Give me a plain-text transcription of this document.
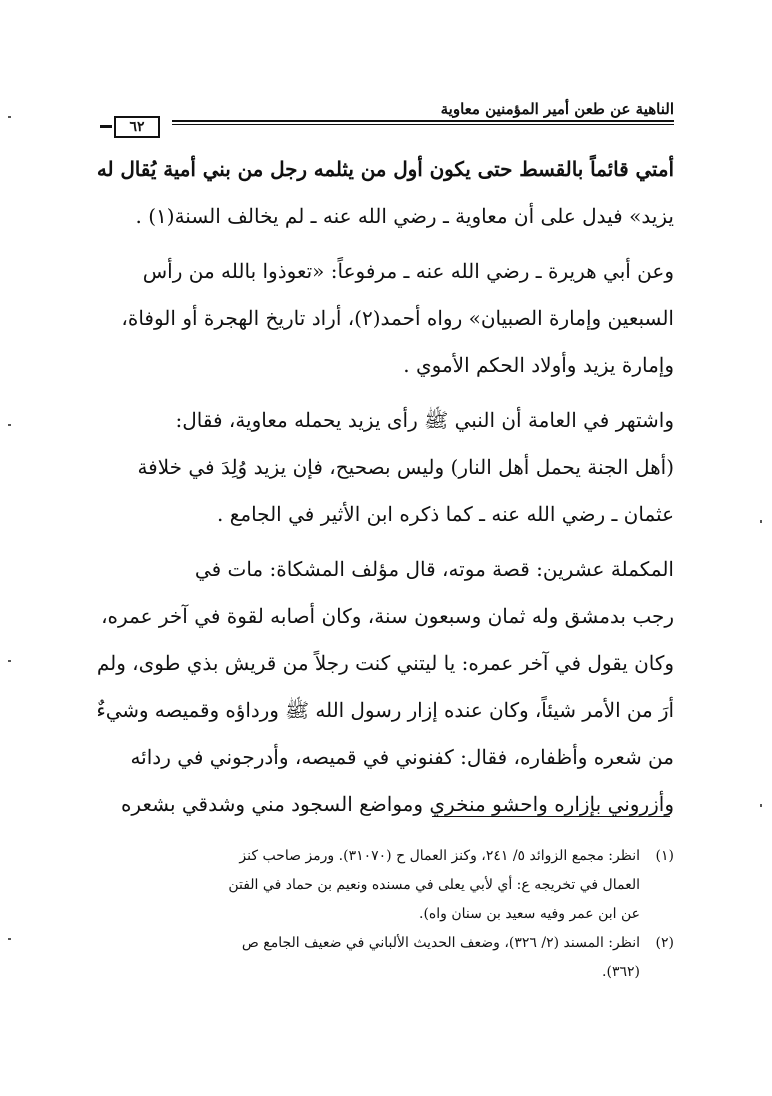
الناهية عن طعن أمير المؤمنين معاوية
٦٢
أمتي قائماً بالقسط حتى يكون أول من يثلمه رجل من بني أمية يُقال له
يزيد» فيدل على أن معاوية ـ رضي الله عنه ـ لم يخالف السنة(١) .
وعن أبي هريرة ـ رضي الله عنه ـ مرفوعاً: «تعوذوا بالله من رأس
السبعين وإمارة الصبيان» رواه أحمد(٢)، أراد تاريخ الهجرة أو الوفاة،
وإمارة يزيد وأولاد الحكم الأموي .
واشتهر في العامة أن النبي ﷺ رأى يزيد يحمله معاوية، فقال:
(أهل الجنة يحمل أهل النار) وليس بصحيح، فإن يزيد وُلِدَ في خلافة
عثمان ـ رضي الله عنه ـ كما ذكره ابن الأثير في الجامع .
المكملة عشرين: قصة موته، قال مؤلف المشكاة: مات في
رجب بدمشق وله ثمان وسبعون سنة، وكان أصابه لقوة في آخر عمره،
وكان يقول في آخر عمره: يا ليتني كنت رجلاً من قريش بذي طوى، ولم
أرَ من الأمر شيئاً، وكان عنده إزار رسول الله ﷺ ورداؤه وقميصه وشيءٌ
من شعره وأظفاره، فقال: كفنوني في قميصه، وأدرجوني في ردائه
وأزروني بإزاره واحشو منخري ومواضع السجود مني وشدقي بشعره
(١)
انظر: مجمع الزوائد ٥/ ٢٤١، وكنز العمال ح (٣١٠٧٠). ورمز صاحب كنز
العمال في تخريجه ع: أي لأبي يعلى في مسنده ونعيم بن حماد في الفتن
عن ابن عمر وفيه سعيد بن سنان واه).
(٢)
انظر: المسند (٢/ ٣٢٦)، وضعف الحديث الألباني في ضعيف الجامع ص
(٣٦٢).
